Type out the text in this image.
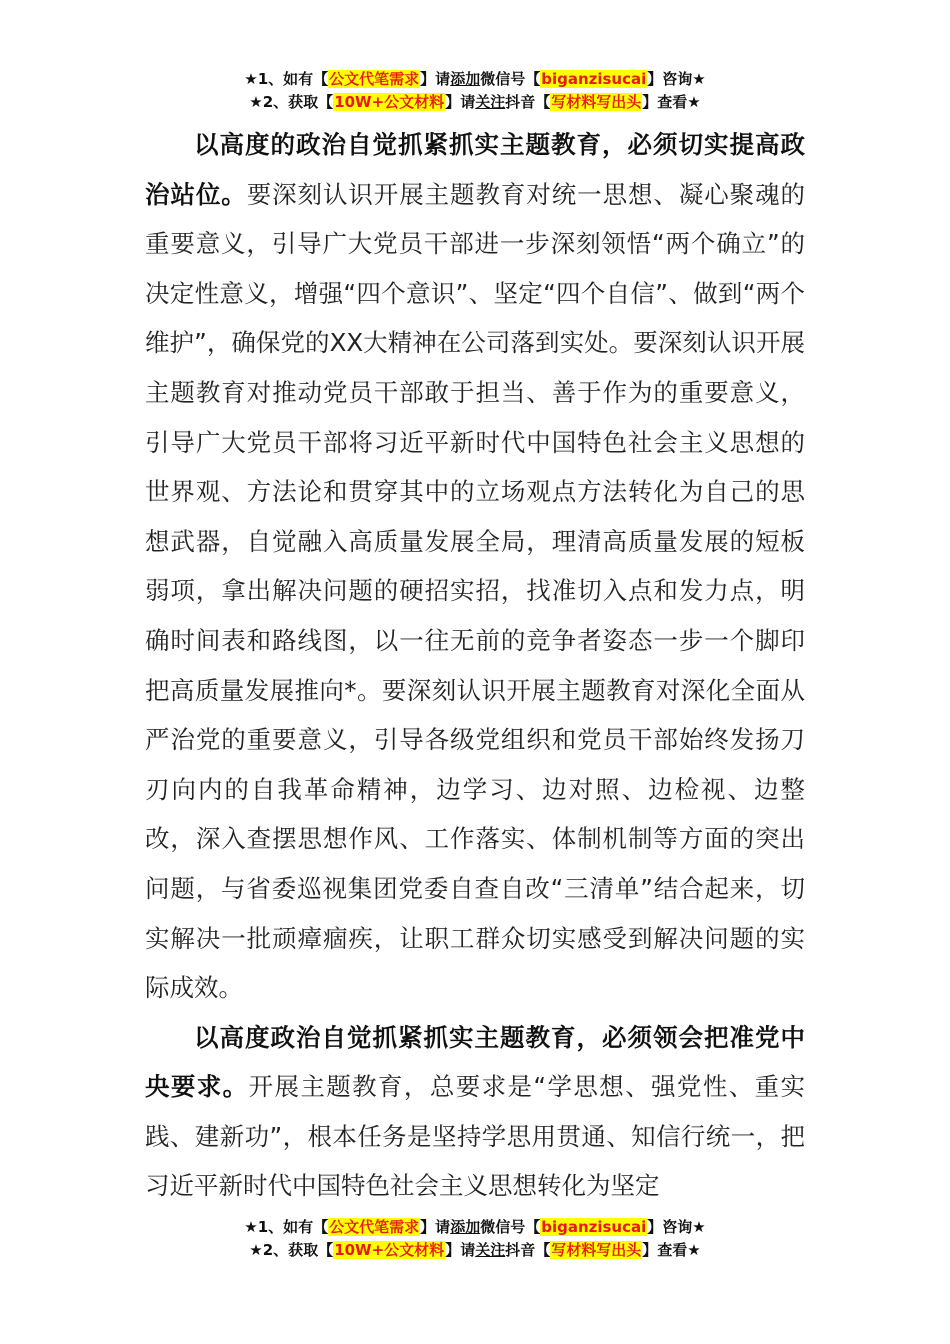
★1、如有【公文代笔需求】请添加微信号【biganzisucai】咨询★
★2、获取【10W+公文材料】请关注抖音【写材料写出头】查看★

以高度的政治自觉抓紧抓实主题教育，必须切实提高政治站位。要深刻认识开展主题教育对统一思想、凝心聚魂的重要意义，引导广大党员干部进一步深刻领悟“两个确立”的决定性意义，增强“四个意识”、坚定“四个自信”、做到“两个维护”，确保党的XX大精神在公司落到实处。要深刻认识开展主题教育对推动党员干部敢于担当、善于作为的重要意义，引导广大党员干部将习近平新时代中国特色社会主义思想的世界观、方法论和贯穿其中的立场观点方法转化为自己的思想武器，自觉融入高质量发展全局，理清高质量发展的短板弱项，拿出解决问题的硬招实招，找准切入点和发力点，明确时间表和路线图，以一往无前的竞争者姿态一步一个脚印把高质量发展推向*。要深刻认识开展主题教育对深化全面从严治党的重要意义，引导各级党组织和党员干部始终发扬刀刃向内的自我革命精神，边学习、边对照、边检视、边整改，深入查摆思想作风、工作落实、体制机制等方面的突出问题，与省委巡视集团党委自查自改“三清单”结合起来，切实解决一批顽瘴痼疾，让职工群众切实感受到解决问题的实际成效。

以高度政治自觉抓紧抓实主题教育，必须领会把准党中央要求。开展主题教育，总要求是“学思想、强党性、重实践、建新功”，根本任务是坚持学思用贯通、知信行统一，把习近平新时代中国特色社会主义思想转化为坚定

★1、如有【公文代笔需求】请添加微信号【biganzisucai】咨询★
★2、获取【10W+公文材料】请关注抖音【写材料写出头】查看★
